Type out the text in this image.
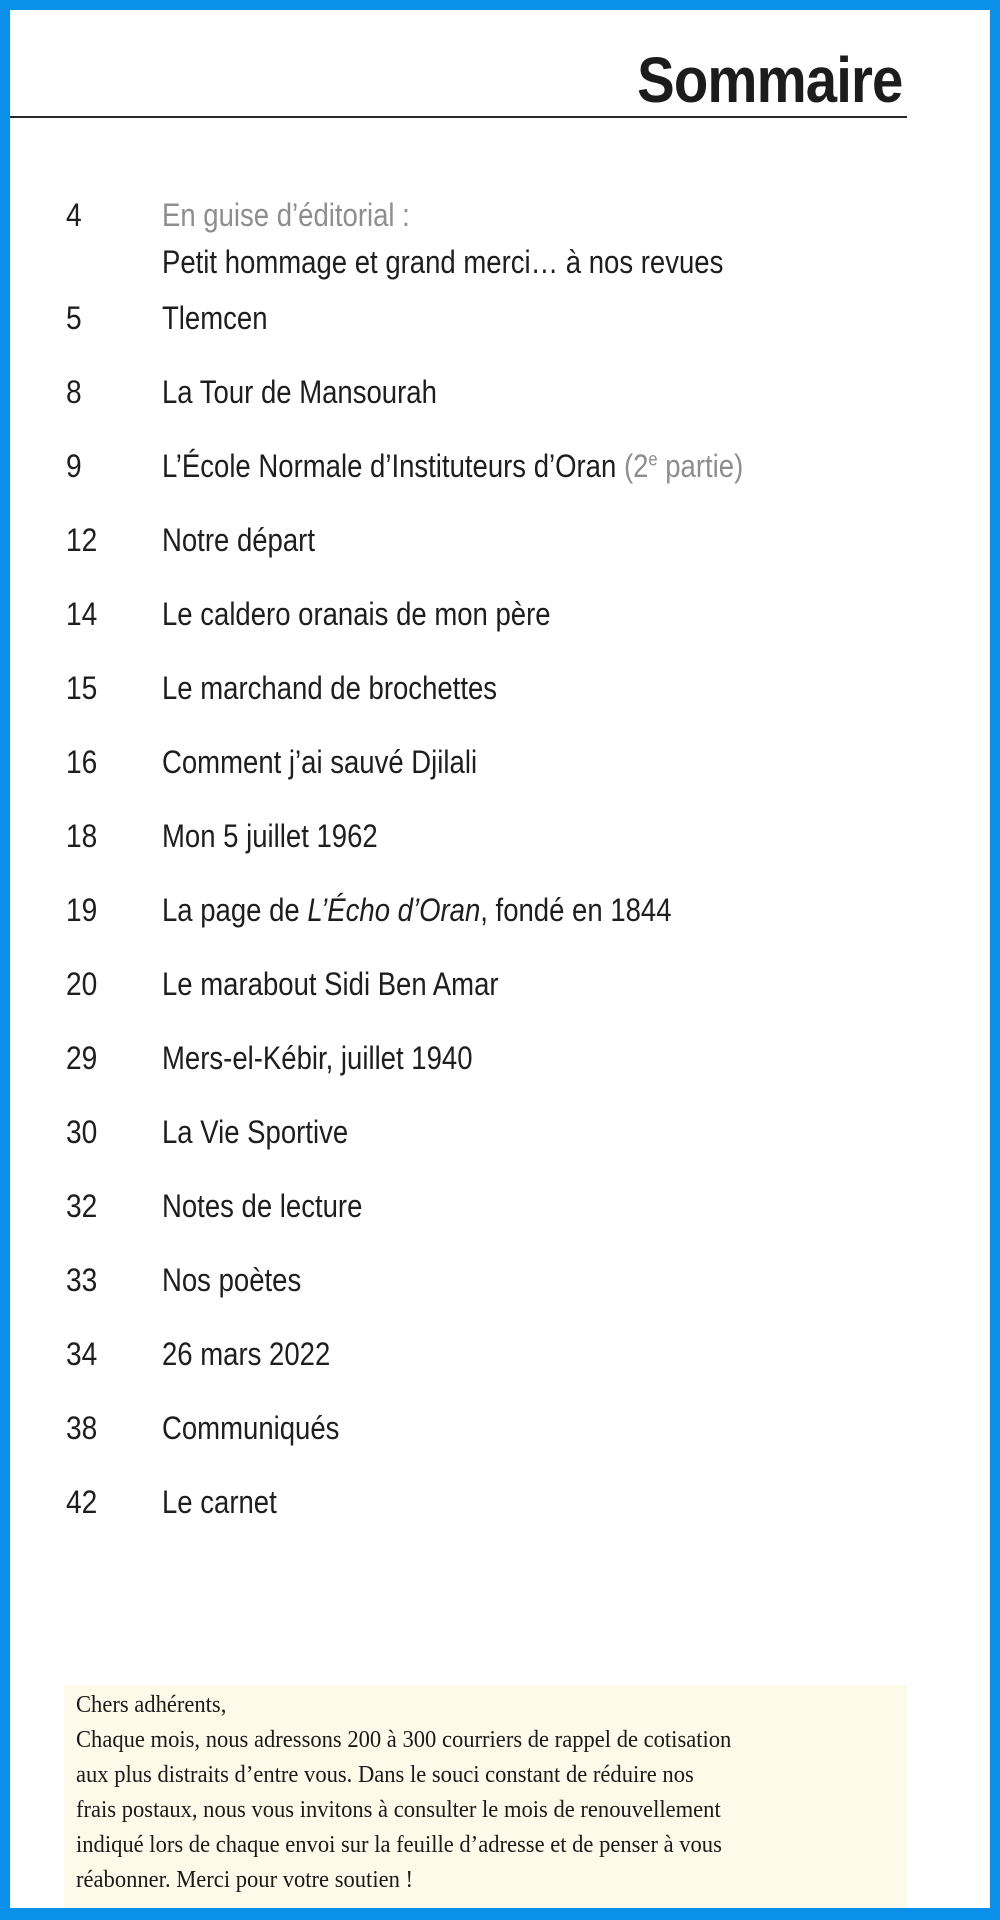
Sommaire
4	En guise d’éditorial :
Petit hommage et grand merci… à nos revues
5	Tlemcen
8	La Tour de Mansourah
9	L’École Normale d’Instituteurs d’Oran (2e partie)
12 Notre départ
14 Le caldero oranais de mon père
15 Le marchand de brochettes
16 Comment j’ai sauvé Djilali
18 Mon 5 juillet 1962
19 La page de L’Écho d’Oran, fondé en 1844
20 Le marabout Sidi Ben Amar
29 Mers-el-Kébir, juillet 1940
30 La Vie Sportive
32 Notes de lecture
33 Nos poètes
34 26 mars 2022
38 Communiqués
42 Le carnet
Chers adhérents,
Chaque mois, nous adressons 200 à 300 courriers de rappel de cotisation
aux plus distraits d’entre vous. Dans le souci constant de réduire nos
frais postaux, nous vous invitons à consulter le mois de renouvellement
indiqué lors de chaque envoi sur la feuille d’adresse et de penser à vous
réabonner. Merci pour votre soutien !
